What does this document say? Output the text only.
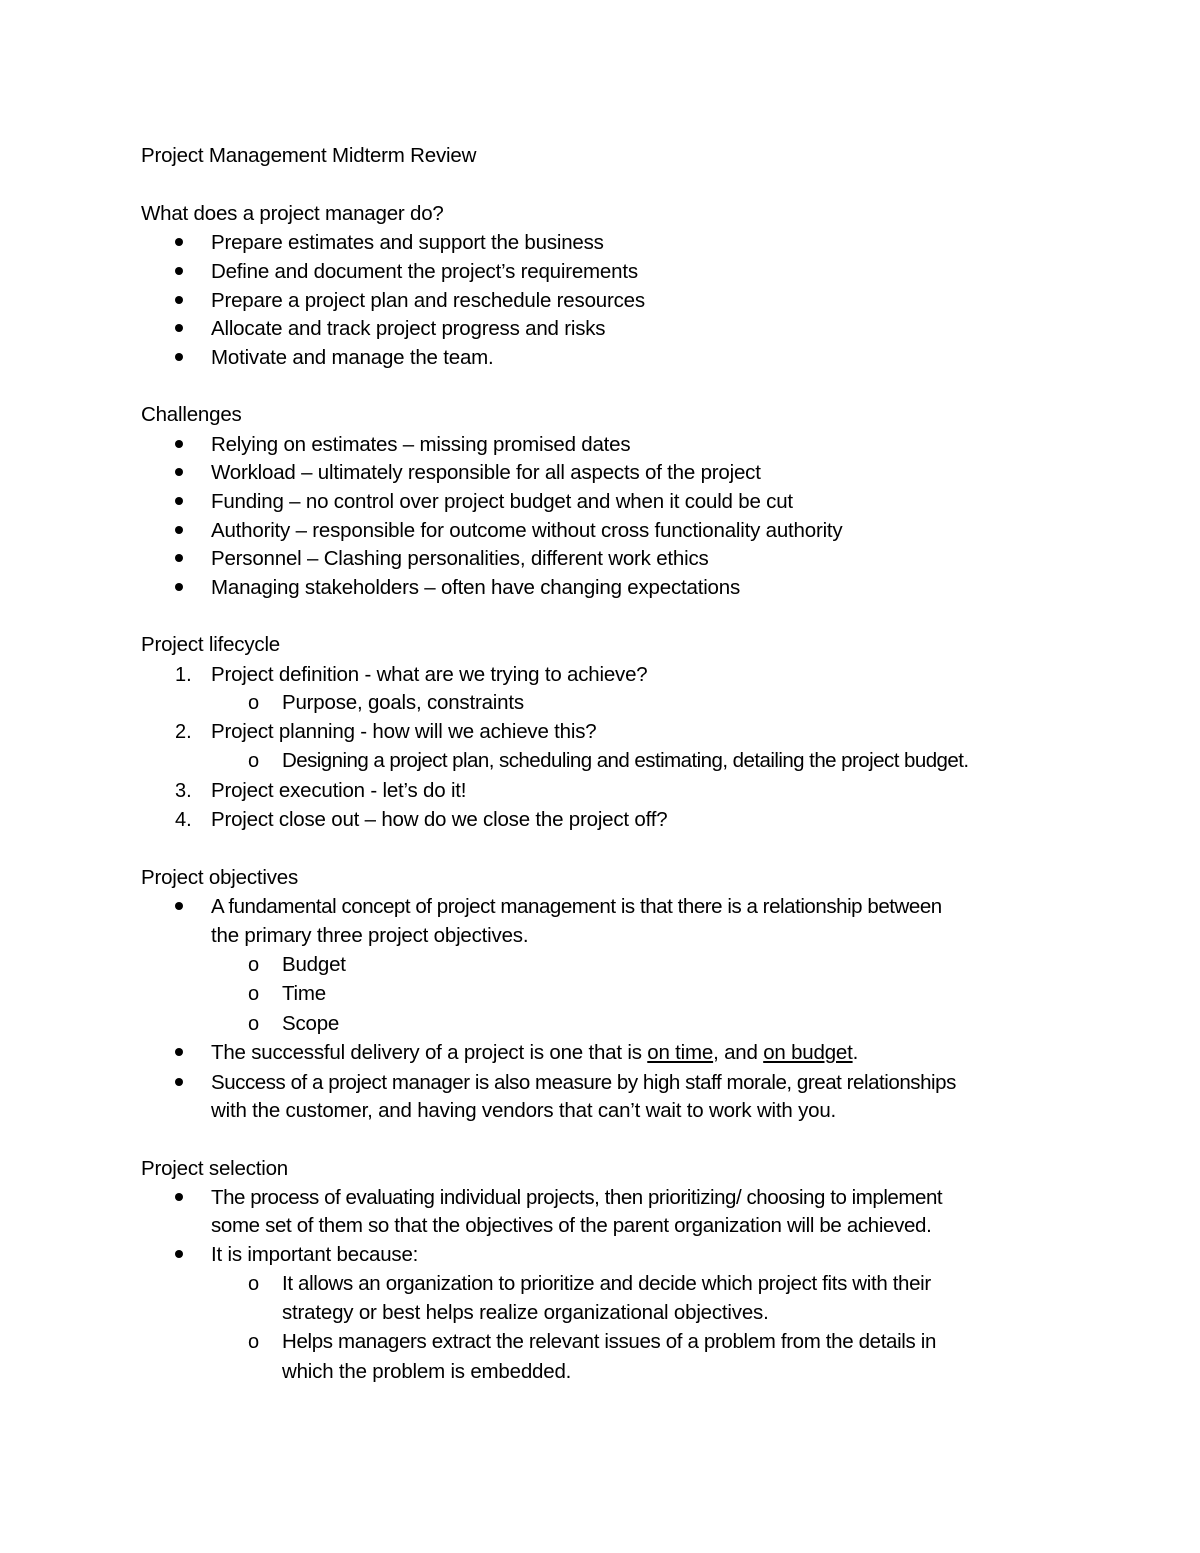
Project Management Midterm Review
What does a project manager do?
Prepare estimates and support the business
Define and document the project’s requirements
Prepare a project plan and reschedule resources
Allocate and track project progress and risks
Motivate and manage the team.
Challenges
Relying on estimates – missing promised dates
Workload – ultimately responsible for all aspects of the project
Funding – no control over project budget and when it could be cut
Authority – responsible for outcome without cross functionality authority
Personnel – Clashing personalities, different work ethics
Managing stakeholders – often have changing expectations
Project lifecycle
1. Project definition - what are we trying to achieve?
o Purpose, goals, constraints
2. Project planning - how will we achieve this?
o Designing a project plan, scheduling and estimating, detailing the project budget.
3. Project execution - let’s do it!
4. Project close out – how do we close the project off?
Project objectives
A fundamental concept of project management is that there is a relationship between
the primary three project objectives.
o Budget
o Time
o Scope
The successful delivery of a project is one that is on time, and on budget.
Success of a project manager is also measure by high staff morale, great relationships
with the customer, and having vendors that can’t wait to work with you.
Project selection
The process of evaluating individual projects, then prioritizing/ choosing to implement
some set of them so that the objectives of the parent organization will be achieved.
It is important because:
o It allows an organization to prioritize and decide which project fits with their
strategy or best helps realize organizational objectives.
o Helps managers extract the relevant issues of a problem from the details in
which the problem is embedded.
